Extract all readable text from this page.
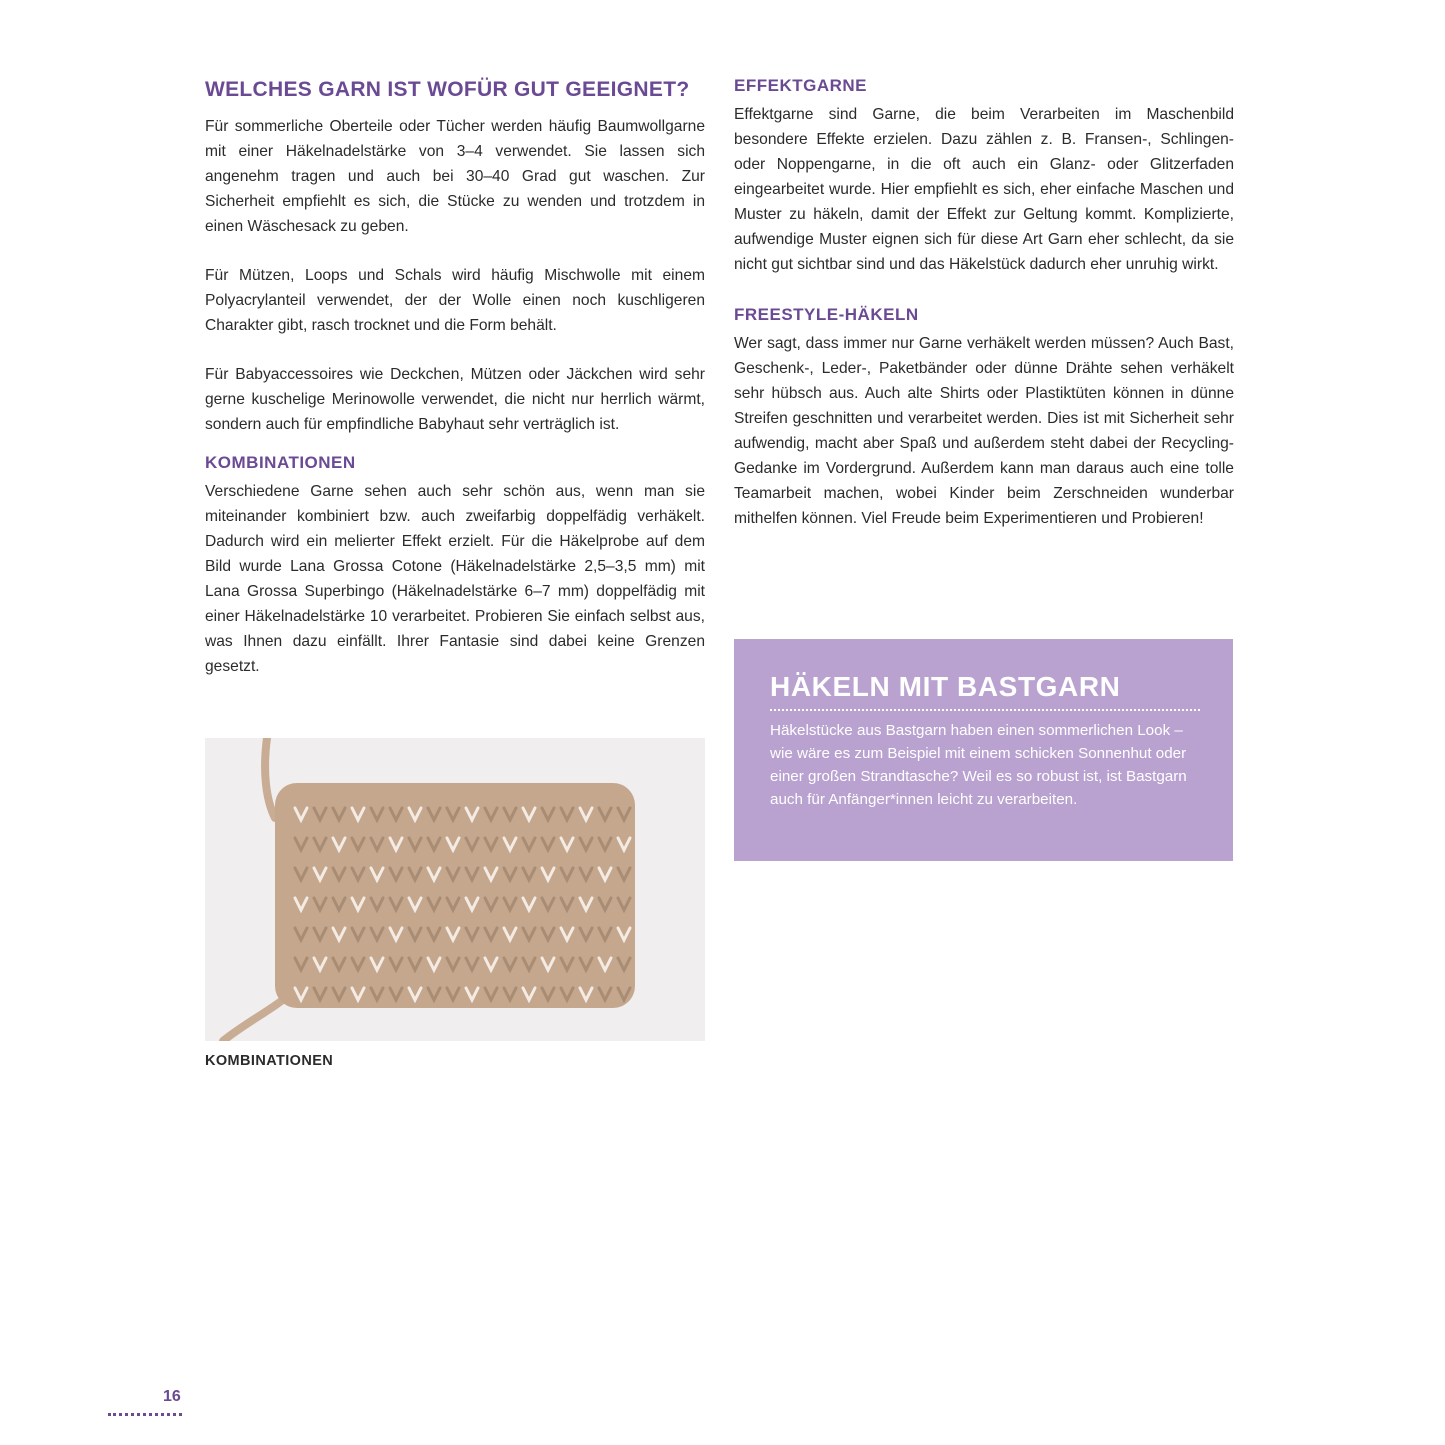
WELCHES GARN IST WOFÜR GUT GEEIGNET?

Für sommerliche Oberteile oder Tücher werden häufig Baumwollgarne mit einer Häkelnadelstärke von 3–4 verwendet. Sie lassen sich angenehm tragen und auch bei 30–40 Grad gut waschen. Zur Sicherheit empfiehlt es sich, die Stücke zu wenden und trotzdem in einen Wäschesack zu geben.

Für Mützen, Loops und Schals wird häufig Mischwolle mit einem Polyacrylanteil verwendet, der der Wolle einen noch kuschligeren Charakter gibt, rasch trocknet und die Form behält.

Für Babyaccessoires wie Deckchen, Mützen oder Jäckchen wird sehr gerne kuschelige Merinowolle verwendet, die nicht nur herrlich wärmt, sondern auch für empfindliche Babyhaut sehr verträglich ist.

KOMBINATIONEN

Verschiedene Garne sehen auch sehr schön aus, wenn man sie miteinander kombiniert bzw. auch zweifarbig doppelfädig verhäkelt. Dadurch wird ein melierter Effekt erzielt. Für die Häkelprobe auf dem Bild wurde Lana Grossa Cotone (Häkelnadelstärke 2,5–3,5 mm) mit Lana Grossa Superbingo (Häkelnadelstärke 6–7 mm) doppelfädig mit einer Häkelnadelstärke 10 verarbeitet. Probieren Sie einfach selbst aus, was Ihnen dazu einfällt. Ihrer Fantasie sind dabei keine Grenzen gesetzt.

KOMBINATIONEN
EFFEKTGARNE

Effektgarne sind Garne, die beim Verarbeiten im Maschenbild besondere Effekte erzielen. Dazu zählen z. B. Fransen-, Schlingen- oder Noppengarne, in die oft auch ein Glanz- oder Glitzerfaden eingearbeitet wurde. Hier empfiehlt es sich, eher einfache Maschen und Muster zu häkeln, damit der Effekt zur Geltung kommt. Komplizierte, aufwendige Muster eignen sich für diese Art Garn eher schlecht, da sie nicht gut sichtbar sind und das Häkelstück dadurch eher unruhig wirkt.

FREESTYLE-HÄKELN

Wer sagt, dass immer nur Garne verhäkelt werden müssen? Auch Bast, Geschenk-, Leder-, Paketbänder oder dünne Drähte sehen verhäkelt sehr hübsch aus. Auch alte Shirts oder Plastiktüten können in dünne Streifen geschnitten und verarbeitet werden. Dies ist mit Sicherheit sehr aufwendig, macht aber Spaß und außerdem steht dabei der Recycling-Gedanke im Vordergrund. Außerdem kann man daraus auch eine tolle Teamarbeit machen, wobei Kinder beim Zerschneiden wunderbar mithelfen können. Viel Freude beim Experimentieren und Probieren!

HÄKELN MIT BASTGARN

Häkelstücke aus Bastgarn haben einen sommerlichen Look – wie wäre es zum Beispiel mit einem schicken Sonnenhut oder einer großen Strandtasche? Weil es so robust ist, ist Bastgarn auch für Anfänger*innen leicht zu verarbeiten.

16
